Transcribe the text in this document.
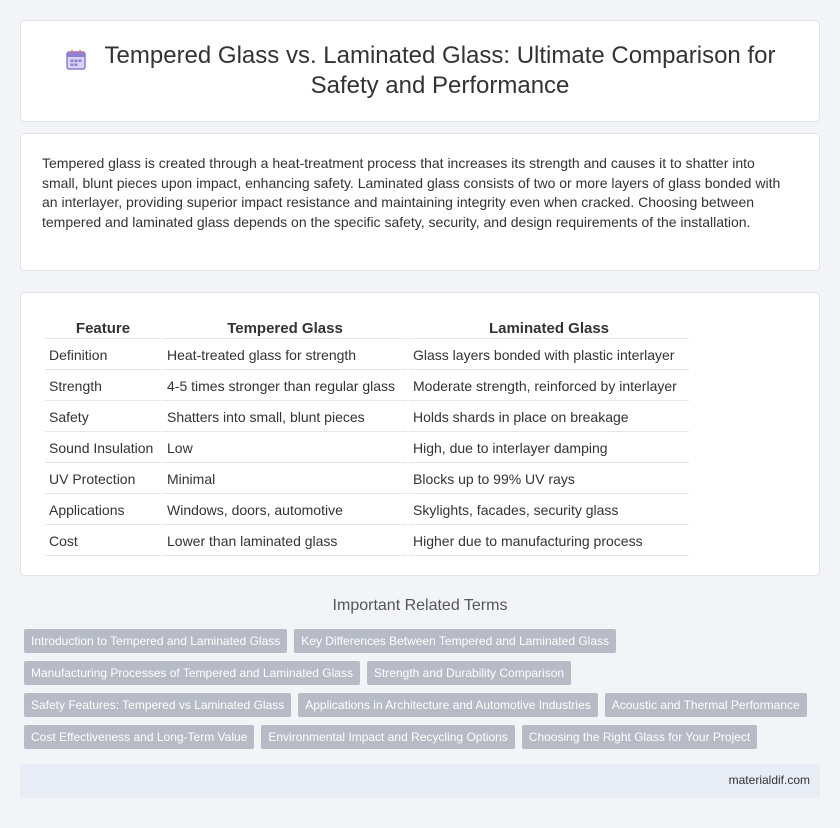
Tempered Glass vs. Laminated Glass: Ultimate Comparison for Safety and Performance

Tempered glass is created through a heat-treatment process that increases its strength and causes it to shatter into small, blunt pieces upon impact, enhancing safety. Laminated glass consists of two or more layers of glass bonded with an interlayer, providing superior impact resistance and maintaining integrity even when cracked. Choosing between tempered and laminated glass depends on the specific safety, security, and design requirements of the installation.

Feature	Tempered Glass	Laminated Glass
Definition	Heat-treated glass for strength	Glass layers bonded with plastic interlayer
Strength	4-5 times stronger than regular glass	Moderate strength, reinforced by interlayer
Safety	Shatters into small, blunt pieces	Holds shards in place on breakage
Sound Insulation	Low	High, due to interlayer damping
UV Protection	Minimal	Blocks up to 99% UV rays
Applications	Windows, doors, automotive	Skylights, facades, security glass
Cost	Lower than laminated glass	Higher due to manufacturing process
Important Related Terms
Introduction to Tempered and Laminated Glass	Key Differences Between Tempered and Laminated Glass
Manufacturing Processes of Tempered and Laminated Glass	Strength and Durability Comparison
Safety Features: Tempered vs Laminated Glass	Applications in Architecture and Automotive Industries	Acoustic and Thermal Performance
Cost Effectiveness and Long-Term Value	Environmental Impact and Recycling Options	Choosing the Right Glass for Your Project
materialdif.com
